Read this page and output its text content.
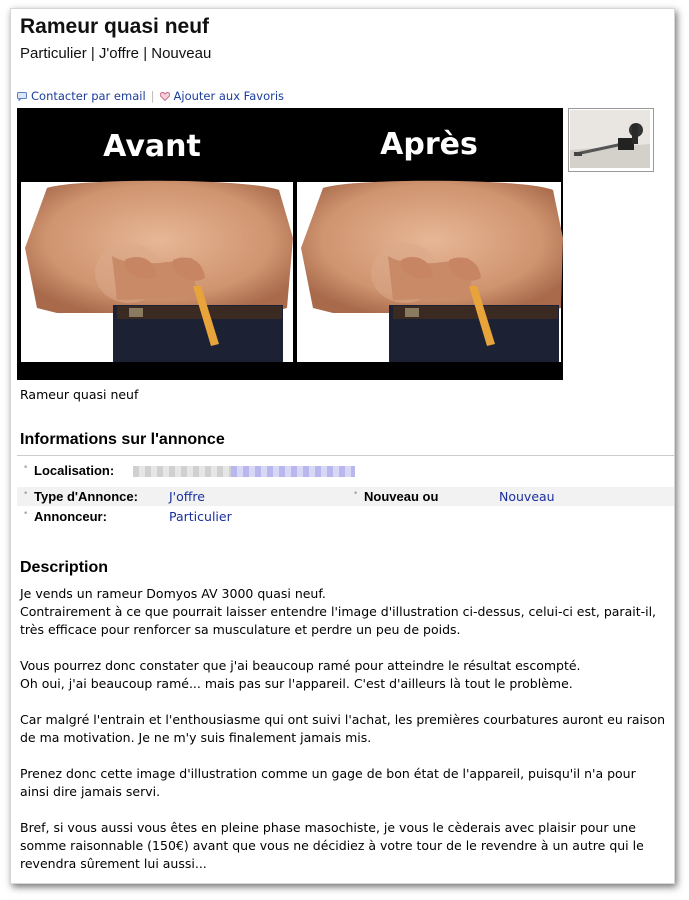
Rameur quasi neuf
Particulier | J'offre | Nouveau
Contacter par email | Ajouter aux Favoris
Avant	Après
Rameur quasi neuf
Informations sur l'annonce
• Localisation:
• Type d'Annonce: J'offre	• Nouveau ou	Nouveau
• Annonceur:	Particulier
Description

Je vends un rameur Domyos AV 3000 quasi neuf.
Contrairement à ce que pourrait laisser entendre l'image d'illustration ci-dessus, celui-ci est, parait-il, très efficace pour renforcer sa musculature et perdre un peu de poids.

Vous pourrez donc constater que j'ai beaucoup ramé pour atteindre le résultat escompté.
Oh oui, j'ai beaucoup ramé... mais pas sur l'appareil. C'est d'ailleurs là tout le problème.

Car malgré l'entrain et l'enthousiasme qui ont suivi l'achat, les premières courbatures auront eu raison de ma motivation. Je ne m'y suis finalement jamais mis.

Prenez donc cette image d'illustration comme un gage de bon état de l'appareil, puisqu'il n'a pour ainsi dire jamais servi.

Bref, si vous aussi vous êtes en pleine phase masochiste, je vous le cèderais avec plaisir pour une somme raisonnable (150€) avant que vous ne décidiez à votre tour de le revendre à un autre qui le revendra sûrement lui aussi...
